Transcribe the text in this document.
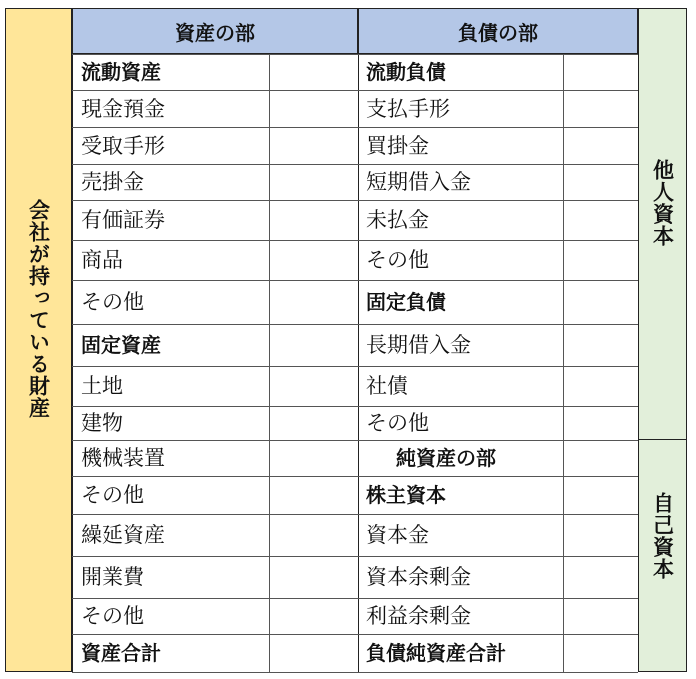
会社が持っている財産
資産の部	負債の部
他人資本
自己資本
流動資産
現金預金
受取手形
売掛金
有価証券
商品
その他
固定資産
土地
建物
機械装置
その他
繰延資産
開業費
その他
資産合計
流動負債
支払手形
買掛金
短期借入金
未払金
その他
固定負債
長期借入金
社債
その他
純資産の部
株主資本
資本金
資本余剰金
利益余剰金
負債純資産合計
